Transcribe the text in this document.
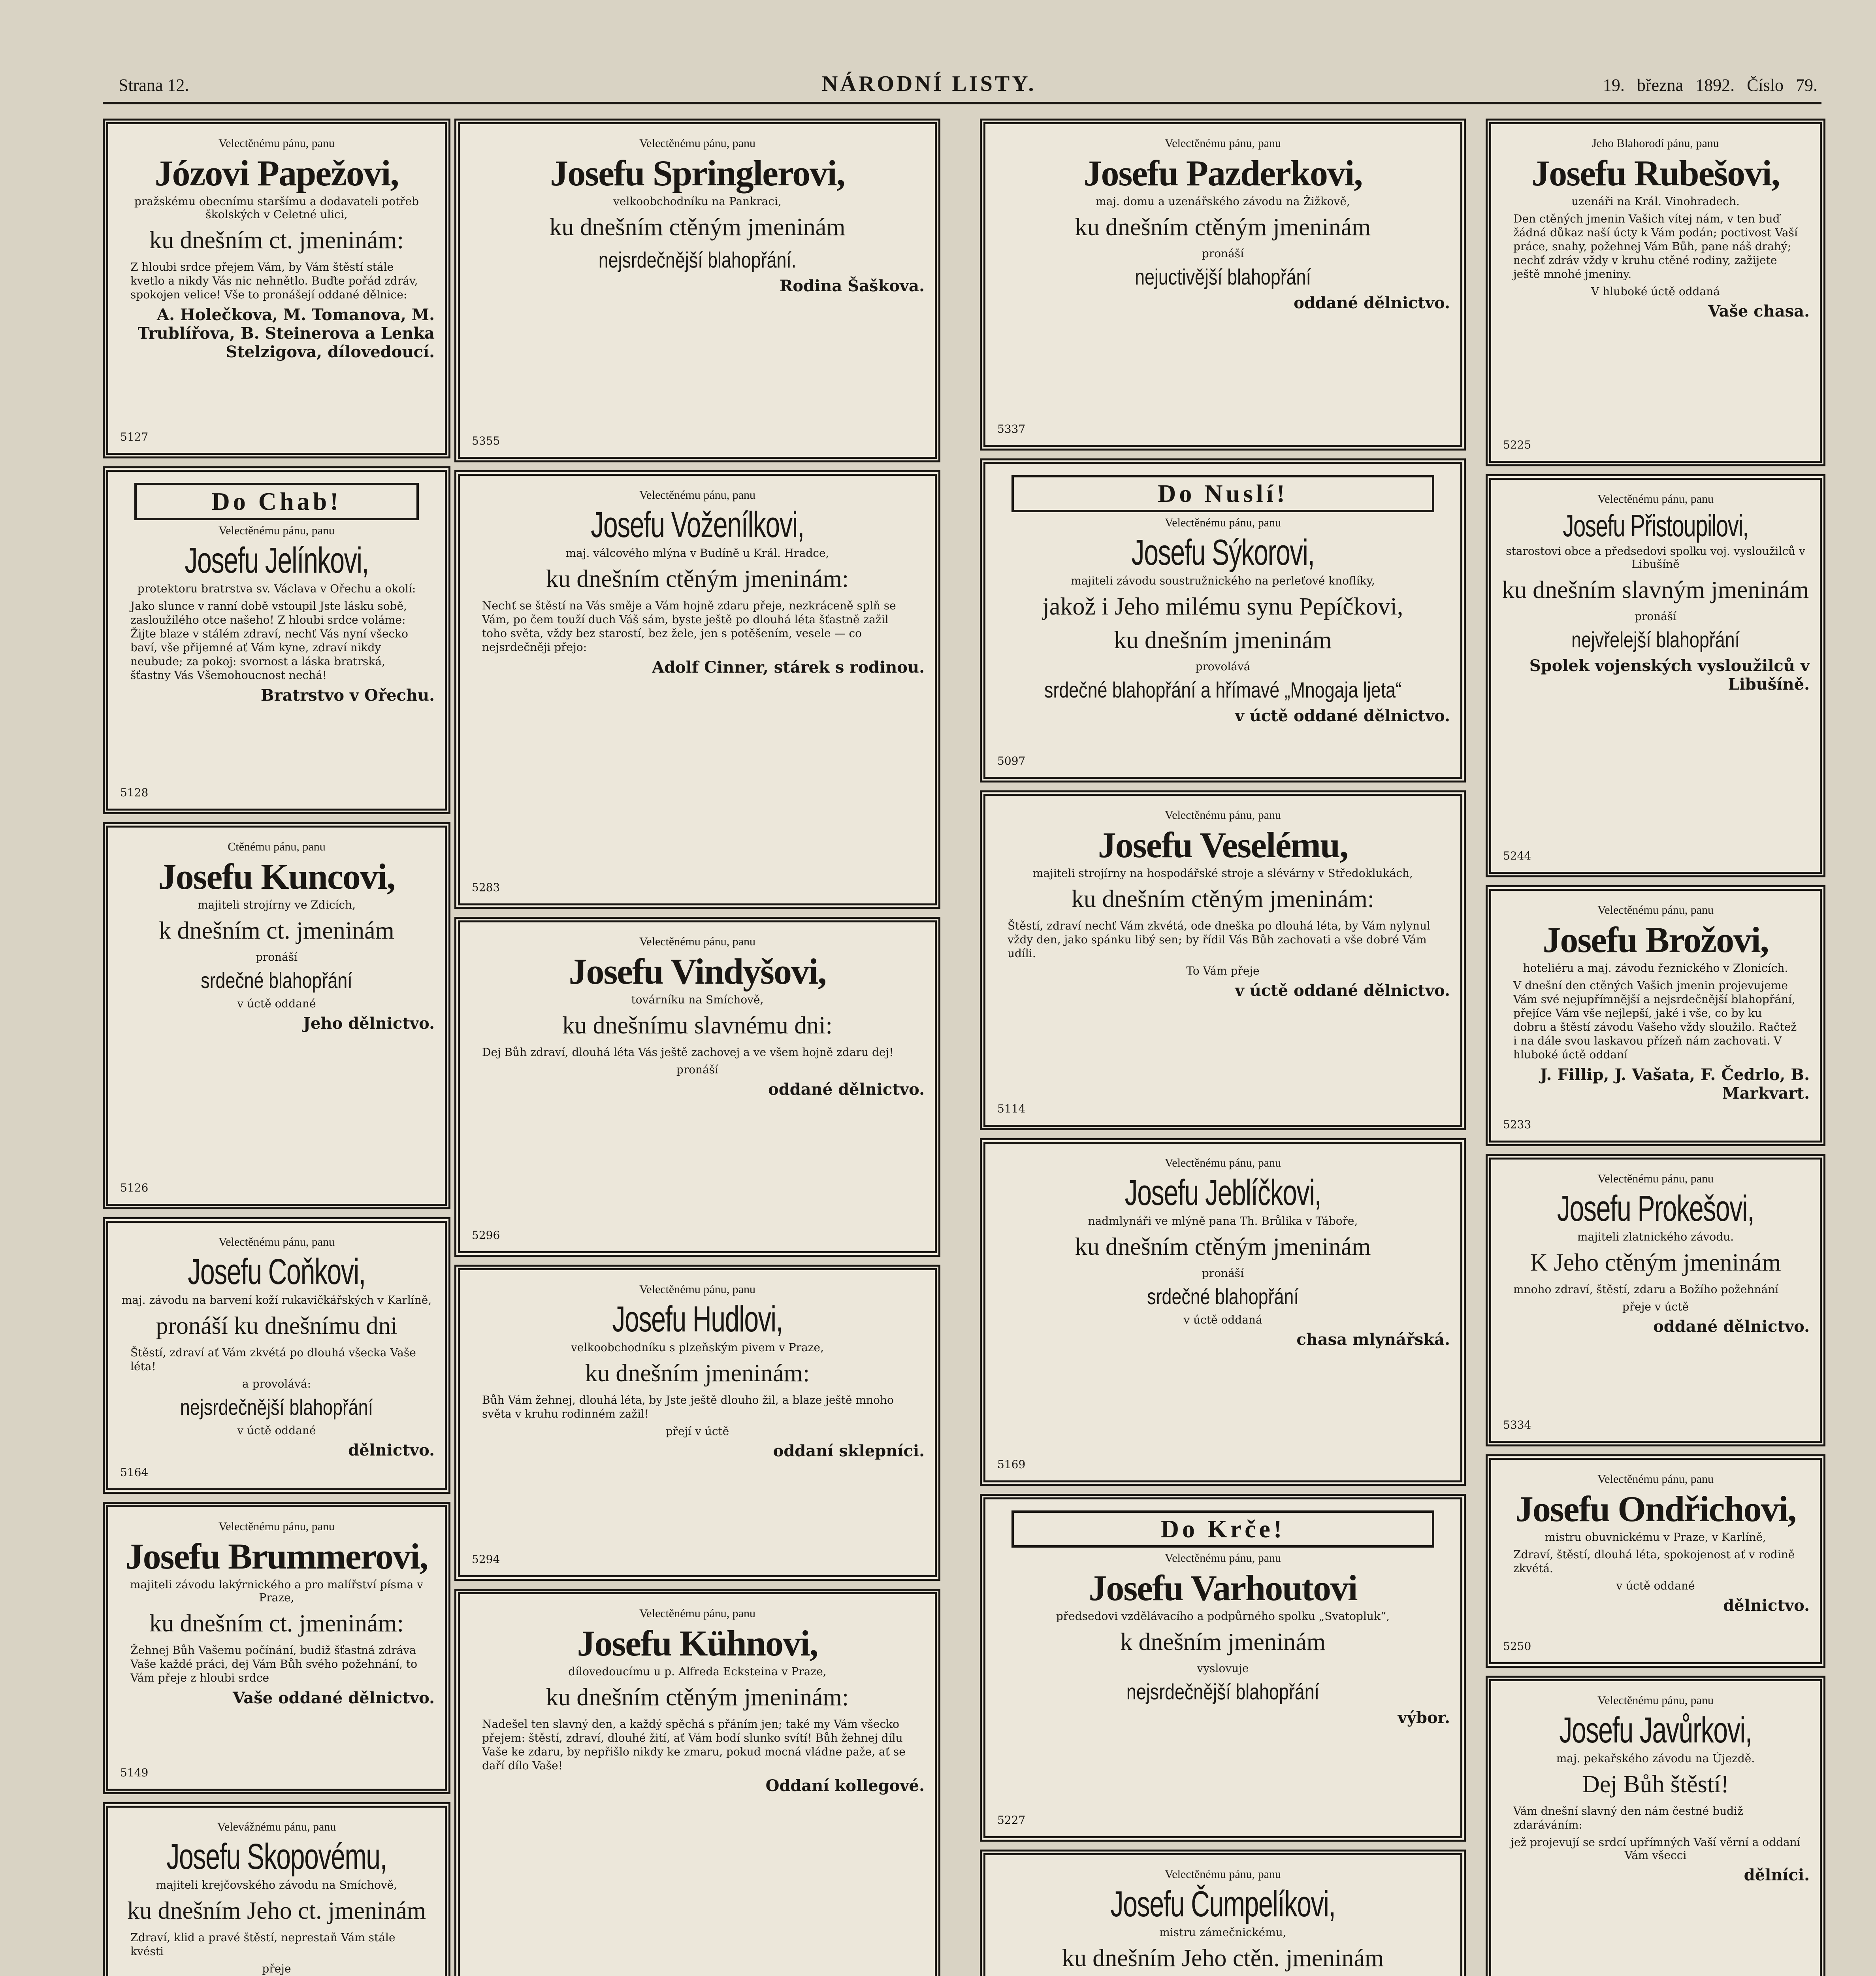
Strana 12.	NÁRODNÍ LISTY.	19. března 1892. Číslo 79.
Velectěnému pánu, panu
Józovi Papežovi,
pražskému obecnímu staršímu a dodavateli potřeb školských v Celetné ulici,
ku dnešním ct. jmeninám:
Z hloubi srdce přejem Vám, by Vám štěstí stále kvetlo a nikdy Vás nic nehnětlo. Buďte pořád zdráv, spokojen velice! Vše to pronášejí oddané dělnice:
A. Holečkova, M. Tomanova, M. Trublířova, B. Steinerova a Lenka Stelzigova, dílovedoucí.
5127
Do Chab!
Velectěnému pánu, panu
Josefu Jelínkovi,
protektoru bratrstva sv. Václava v Ořechu a okolí:
Jako slunce v ranní době vstoupil Jste lásku sobě, zasloužilého otce našeho! Z hloubi srdce voláme: Žijte blaze v stálém zdraví, nechť Vás nyní všecko baví, vše přijemné ať Vám kyne, zdraví nikdy neubude; za pokoj: svornost a láska bratrská, šťastny Vás Všemohoucnost nechá!
Bratrstvo v Ořechu.
5128
Ctěnému pánu, panu
Josefu Kuncovi,
majiteli strojírny ve Zdicích,
k dnešním ct. jmeninám
pronáší
srdečné blahopřání
v úctě oddané
Jeho dělnictvo.
5126
Velectěnému pánu, panu
Josefu Coňkovi,
maj. závodu na barvení koží rukavičkářských v Karlíně,
pronáší ku dnešnímu dni
Štěstí, zdraví ať Vám zkvétá po dlouhá všecka Vaše léta!
a provolává:
nejsrdečnější blahopřání
v úctě oddané
dělnictvo.
5164
Velectěnému pánu, panu
Josefu Brummerovi,
majiteli závodu lakýrnického a pro malířství písma v Praze,
ku dnešním ct. jmeninám:
Žehnej Bůh Vašemu počínání, budiž šťastná zdráva Vaše každé práci, dej Vám Bůh svého požehnání, to Vám přeje z hloubi srdce
Vaše oddané dělnictvo.
5149
Velevážnému pánu, panu
Josefu Skopovému,
majiteli krejčovského závodu na Smíchově,
ku dnešním Jeho ct. jmeninám
Zdraví, klid a pravé štěstí, neprestaň Vám stále kvésti
přeje
Velectěnému pánu, panu
Josefu Springlerovi,
velkoobchodníku na Pankraci,
ku dnešním ctěným jmeninám
nejsrdečnější blahopřání.
Rodina Šaškova.
5355
Velectěnému pánu, panu
Josefu Voženílkovi,
maj. válcového mlýna v Budíně u Král. Hradce,
ku dnešním ctěným jmeninám:
Nechť se štěstí na Vás směje a Vám hojně zdaru přeje, nezkráceně splň se Vám, po čem touží duch Váš sám, byste ještě po dlouhá léta šťastně zažil toho světa, vždy bez starostí, bez žele, jen s potěšením, vesele — co nejsrdečněji přejo:
Adolf Cinner, stárek s rodinou.
5283
Velectěnému pánu, panu
Josefu Vindyšovi,
továrníku na Smíchově,
ku dnešnímu slavnému dni:
Dej Bůh zdraví, dlouhá léta Vás ještě zachovej a ve všem hojně zdaru dej!
pronáší
oddané dělnictvo.
5296
Velectěnému pánu, panu
Josefu Hudlovi,
velkoobchodníku s plzeňským pivem v Praze,
ku dnešním jmeninám:
Bůh Vám žehnej, dlouhá léta, by Jste ještě dlouho žil, a blaze ještě mnoho světa v kruhu rodinném zažil!
přejí v úctě
oddaní sklepníci.
5294
Velectěnému pánu, panu
Josefu Kühnovi,
dílovedoucímu u p. Alfreda Ecksteina v Praze,
ku dnešním ctěným jmeninám:
Nadešel ten slavný den, a každý spěchá s přáním jen; také my Vám všecko přejem: štěstí, zdraví, dlouhé žití, ať Vám bodí slunko svítí! Bůh žehnej dílu Vaše ke zdaru, by nepřišlo nikdy ke zmaru, pokud mocná vládne paže, ať se daří dílo Vaše!
Oddaní kollegové.
Velectěnému pánu, panu
Josefu Pazderkovi,
maj. domu a uzenářského závodu na Žižkově,
ku dnešním ctěným jmeninám
pronáší
nejuctivější blahopřání
oddané dělnictvo.
5337
Do Nuslí!
Velectěnému pánu, panu
Josefu Sýkorovi,
majiteli závodu soustružnického na perleťové knoflíky,
jakož i Jeho milému synu Pepíčkovi,
ku dnešním jmeninám
provolává
srdečné blahopřání a hřímavé „Mnogaja ljeta“
v úctě oddané dělnictvo.
5097
Velectěnému pánu, panu
Josefu Veselému,
majiteli strojírny na hospodářské stroje a slévárny v Středoklukách,
ku dnešním ctěným jmeninám:
Štěstí, zdraví nechť Vám zkvétá, ode dneška po dlouhá léta, by Vám nylynul vždy den, jako spánku libý sen; by řídil Vás Bůh zachovati a vše dobré Vám udíli.
To Vám přeje
v úctě oddané dělnictvo.
5114
Velectěnému pánu, panu
Josefu Jeblíčkovi,
nadmlynáři ve mlýně pana Th. Brůlika v Táboře,
ku dnešním ctěným jmeninám
pronáší
srdečné blahopřání
v úctě oddaná
chasa mlynářská.
5169
Do Krče!
Velectěnému pánu, panu
Josefu Varhoutovi
předsedovi vzdělávacího a podpůrného spolku „Svatopluk“,
k dnešním jmeninám
vyslovuje
nejsrdečnější blahopřání
výbor.
5227
Velectěnému pánu, panu
Josefu Čumpelíkovi,
mistru zámečnickému,
ku dnešním Jeho ctěn. jmeninám
Jeho Blahorodí pánu, panu
Josefu Rubešovi,
uzenáři na Král. Vinohradech.
Den ctěných jmenin Vašich vítej nám, v ten buď žádná důkaz naší úcty k Vám podán; poctivost Vaší práce, snahy, požehnej Vám Bůh, pane náš drahý; nechť zdráv vždy v kruhu ctěné rodiny, zažijete ještě mnohé jmeniny.
V hluboké úctě oddaná
Vaše chasa.
5225
Velectěnému pánu, panu
Josefu Přistoupilovi,
starostovi obce a předsedovi spolku voj. vysloužilců v Libušíně
ku dnešním slavným jmeninám
pronáší
nejvřelejší blahopřání
Spolek vojenských vysloužilců v Libušíně.
5244
Velectěnému pánu, panu
Josefu Brožovi,
hoteliéru a maj. závodu řeznického v Zlonicích.
V dnešní den ctěných Vašich jmenin projevujeme Vám své nejupřímnější a nejsrdečnější blahopřání, přejíce Vám vše nejlepší, jaké i vše, co by ku dobru a štěstí závodu Vašeho vždy sloužilo. Račtež i na dále svou laskavou přízeň nám zachovati. V hluboké úctě oddaní
J. Fillip, J. Vašata, F. Čedrlo, B. Markvart.
5233
Velectěnému pánu, panu
Josefu Prokešovi,
majiteli zlatnického závodu.
K Jeho ctěným jmeninám
mnoho zdraví, štěstí, zdaru a Božího požehnání
přeje v úctě
oddané dělnictvo.
5334
Velectěnému pánu, panu
Josefu Ondřichovi,
mistru obuvnickému v Praze, v Karlíně,
Zdraví, štěstí, dlouhá léta, spokojenost ať v rodině zkvétá.
v úctě oddané
dělnictvo.
5250
Velectěnému pánu, panu
Josefu Javůrkovi,
maj. pekařského závodu na Újezdě.
Dej Bůh štěstí!
Vám dnešní slavný den nám čestné budiž zdaráváním:
jež projevují se srdcí upřímných Vaší věrní a oddaní Vám všecci
dělníci.
